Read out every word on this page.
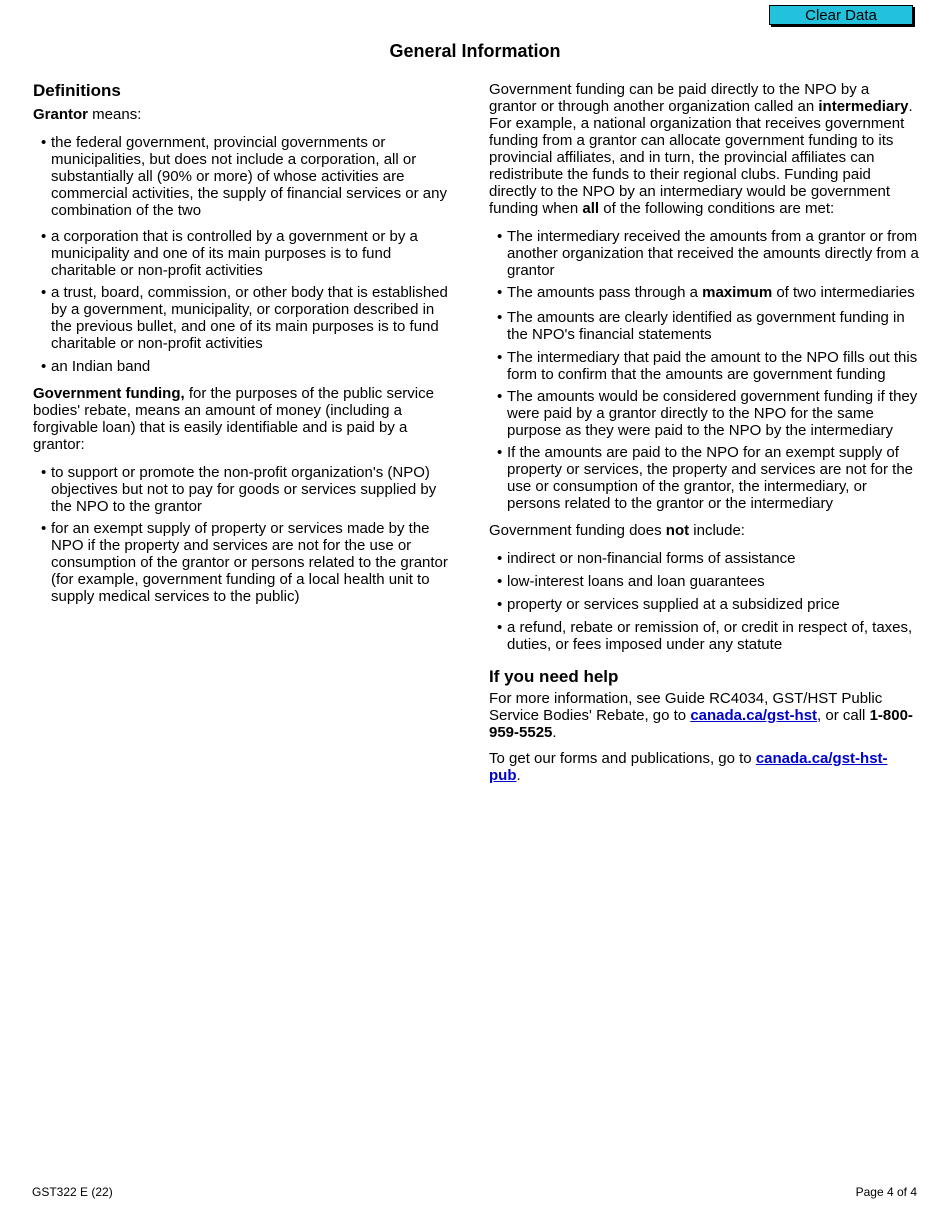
Clear Data
General Information
Definitions

Grantor means:

• the federal government, provincial governments or municipalities, but does not include a corporation, all or substantially all (90% or more) of whose activities are commercial activities, the supply of financial services or any combination of the two
• a corporation that is controlled by a government or by a municipality and one of its main purposes is to fund charitable or non-profit activities
• a trust, board, commission, or other body that is established by a government, municipality, or corporation described in the previous bullet, and one of its main purposes is to fund charitable or non-profit activities
• an Indian band

Government funding, for the purposes of the public service bodies' rebate, means an amount of money (including a forgivable loan) that is easily identifiable and is paid by a grantor:

• to support or promote the non-profit organization's (NPO) objectives but not to pay for goods or services supplied by the NPO to the grantor
• for an exempt supply of property or services made by the NPO if the property and services are not for the use or consumption of the grantor or persons related to the grantor (for example, government funding of a local health unit to supply medical services to the public)

Government funding can be paid directly to the NPO by a grantor or through another organization called an intermediary. For example, a national organization that receives government funding from a grantor can allocate government funding to its provincial affiliates, and in turn, the provincial affiliates can redistribute the funds to their regional clubs. Funding paid directly to the NPO by an intermediary would be government funding when all of the following conditions are met:

• The intermediary received the amounts from a grantor or from another organization that received the amounts directly from a grantor
• The amounts pass through a maximum of two intermediaries
• The amounts are clearly identified as government funding in the NPO's financial statements
• The intermediary that paid the amount to the NPO fills out this form to confirm that the amounts are government funding
• The amounts would be considered government funding if they were paid by a grantor directly to the NPO for the same purpose as they were paid to the NPO by the intermediary
• If the amounts are paid to the NPO for an exempt supply of property or services, the property and services are not for the use or consumption of the grantor, the intermediary, or persons related to the grantor or the intermediary

Government funding does not include:

• indirect or non-financial forms of assistance
• low-interest loans and loan guarantees
• property or services supplied at a subsidized price
• a refund, rebate or remission of, or credit in respect of, taxes, duties, or fees imposed under any statute
If you need help

For more information, see Guide RC4034, GST/HST Public Service Bodies' Rebate, go to canada.ca/gst-hst, or call 1-800-959-5525.

To get our forms and publications, go to canada.ca/gst-hst-pub.

GST322 E (22)	Page 4 of 4
